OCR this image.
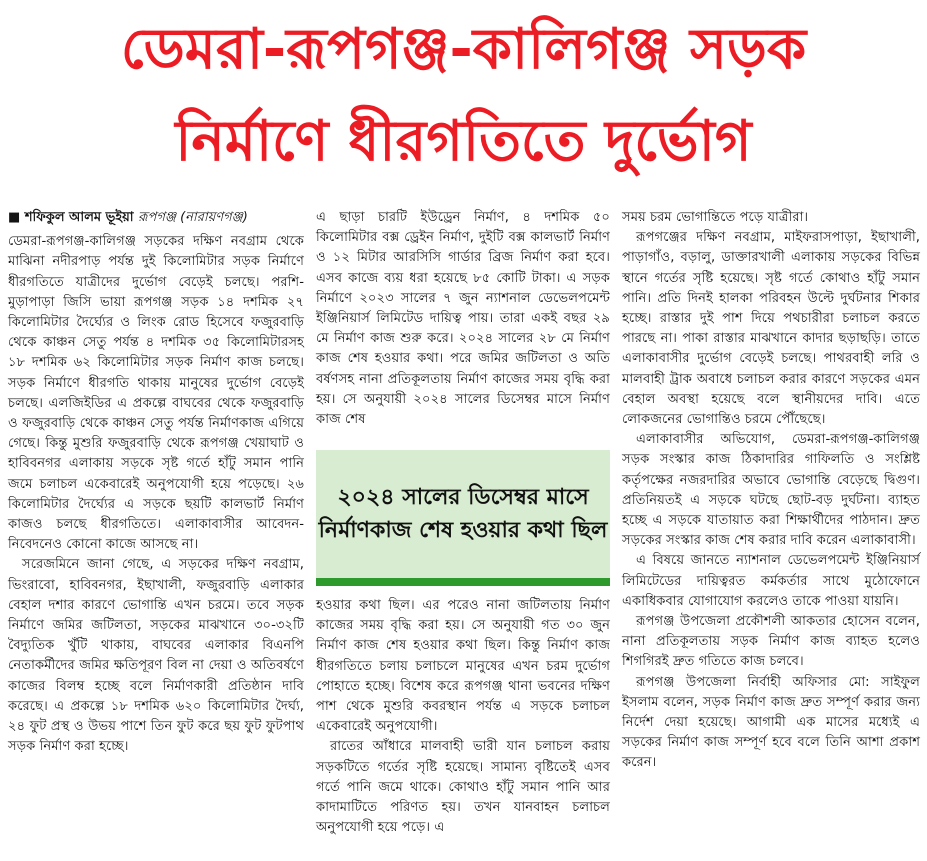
ডেমরা-রূপগঞ্জ-কালিগঞ্জ সড়ক
নির্মাণে ধীরগতিতে দুর্ভোগ
■ শফিকুল আলম ভূইয়া রূপগঞ্জ (নারায়ণগঞ্জ)

ডেমরা-রূপগঞ্জ-কালিগঞ্জ সড়কের দক্ষিণ নবগ্রাম থেকে মাঝিনা নদীরপাড় পর্যন্ত দুই কিলোমিটার সড়ক নির্মাণে ধীরগতিতে যাত্রীদের দুর্ভোগ বেড়েই চলছে। পরশি-মুড়াপাড়া জিসি ভায়া রূপগঞ্জ সড়ক ১৪ দশমিক ২৭ কিলোমিটার দৈর্ঘ্যের ও লিংক রোড হিসেবে ফজুরবাড়ি থেকে কাঞ্চন সেতু পর্যন্ত ৪ দশমিক ৩৫ কিলোমিটারসহ ১৮ দশমিক ৬২ কিলোমিটার সড়ক নির্মাণ কাজ চলছে। সড়ক নির্মাণে ধীরগতি থাকায় মানুষের দুর্ভোগ বেড়েই চলছে। এলজিইডির এ প্রকল্পে বাঘবের থেকে ফজুরবাড়ি ও ফজুরবাড়ি থেকে কাঞ্চন সেতু পর্যন্ত নির্মাণকাজ এগিয়ে গেছে। কিন্তু মুশুরি ফজুরবাড়ি থেকে রূপগঞ্জ খেয়াঘাট ও হাবিবনগর এলাকায় সড়কে সৃষ্ট গর্তে হাঁটু সমান পানি জমে চলাচল একেবারেই অনুপযোগী হয়ে পড়েছে। ২৬ কিলোমিটার দৈর্ঘ্যের এ সড়কে ছয়টি কালভার্ট নির্মাণ কাজও চলছে ধীরগতিতে। এলাকাবাসীর আবেদন-নিবেদনেও কোনো কাজে আসছে না।

সরেজমিনে জানা গেছে, এ সড়কের দক্ষিণ নবগ্রাম, ভিংরাবো, হাবিবনগর, ইছাখালী, ফজুরবাড়ি এলাকার বেহাল দশার কারণে ভোগান্তি এখন চরমে। তবে সড়ক নির্মাণে জমির জটিলতা, সড়কের মাঝখানে ৩০-৩২টি বৈদ্যুতিক খুঁটি থাকায়, বাঘবের এলাকার বিএনপি নেতাকর্মীদের জমির ক্ষতিপূরণ বিল না দেয়া ও অতিবর্ষণে কাজের বিলম্ব হচ্ছে বলে নির্মাণকারী প্রতিষ্ঠান দাবি করেছে। এ প্রকল্পে ১৮ দশমিক ৬২০ কিলোমিটার দৈর্ঘ্য, ২৪ ফুট প্রস্থ ও উভয় পাশে তিন ফুট করে ছয় ফুট ফুটপাথ সড়ক নির্মাণ করা হচ্ছে।

এ ছাড়া চারটি ইউড্রেন নির্মাণ, ৪ দশমিক ৫০ কিলোমিটার বক্স ড্রেইন নির্মাণ, দুইটি বক্স কালভার্ট নির্মাণ ও ১২ মিটার আরসিসি গার্ডার ব্রিজ নির্মাণ করা হবে। এসব কাজে ব্যয় ধরা হয়েছে ৮৫ কোটি টাকা। এ সড়ক নির্মাণে ২০২৩ সালের ৭ জুন ন্যাশনাল ডেভেলপমেন্ট ইঞ্জিনিয়ার্স লিমিটেড দায়িত্ব পায়। তারা একই বছর ২৯ মে নির্মাণ কাজ শুরু করে। ২০২৪ সালের ২৮ মে নির্মাণ কাজ শেষ হওয়ার কথা। পরে জমির জটিলতা ও অতি বর্ষণসহ নানা প্রতিকূলতায় নির্মাণ কাজের সময় বৃদ্ধি করা হয়। সে অনুযায়ী ২০২৪ সালের ডিসেম্বর মাসে নির্মাণ কাজ শেষ

২০২৪ সালের ডিসেম্বর মাসে নির্মাণকাজ শেষ হওয়ার কথা ছিল

হওয়ার কথা ছিল। এর পরেও নানা জটিলতায় নির্মাণ কাজের সময় বৃদ্ধি করা হয়। সে অনুযায়ী গত ৩০ জুন নির্মাণ কাজ শেষ হওয়ার কথা ছিল। কিন্তু নির্মাণ কাজ ধীরগতিতে চলায় চলাচলে মানুষের এখন চরম দুর্ভোগ পোহাতে হচ্ছে। বিশেষ করে রূপগঞ্জ থানা ভবনের দক্ষিণ পাশ থেকে মুশুরি কবরস্থান পর্যন্ত এ সড়কে চলাচল একেবারেই অনুপযোগী।

রাতের আঁধারে মালবাহী ভারী যান চলাচল করায় সড়কটিতে গর্তের সৃষ্টি হয়েছে। সামান্য বৃষ্টিতেই এসব গর্তে পানি জমে থাকে। কোথাও হাঁটু সমান পানি আর কাদামাটিতে পরিণত হয়। তখন যানবাহন চলাচল অনুপযোগী হয়ে পড়ে। এ

সময় চরম ভোগান্তিতে পড়ে যাত্রীরা।

রূপগঞ্জের দক্ষিণ নবগ্রাম, মাইফরাসপাড়া, ইছাখালী, পাড়াগাঁও, বড়ালু, ডাক্তারখালী এলাকায় সড়কের বিভিন্ন স্থানে গর্তের সৃষ্টি হয়েছে। সৃষ্ট গর্তে কোথাও হাঁটু সমান পানি। প্রতি দিনই হালকা পরিবহন উল্টে দুর্ঘটনার শিকার হচ্ছে। রাস্তার দুই পাশ দিয়ে পথচারীরা চলাচল করতে পারছে না। পাকা রাস্তার মাঝখানে কাদার ছড়াছড়ি। তাতে এলাকাবাসীর দুর্ভোগ বেড়েই চলছে। পাথরবাহী লরি ও মালবাহী ট্রাক অবাধে চলাচল করার কারণে সড়কের এমন বেহাল অবস্থা হয়েছে বলে স্থানীয়দের দাবি। এতে লোকজনের ভোগান্তিও চরমে পৌঁছেছে।

এলাকাবাসীর অভিযোগ, ডেমরা-রূপগঞ্জ-কালিগঞ্জ সড়ক সংস্কার কাজ ঠিকাদারির গাফিলতি ও সংশ্লিষ্ট কর্তৃপক্ষের নজরদারির অভাবে ভোগান্তি বেড়েছে দ্বিগুণ। প্রতিনিয়তই এ সড়কে ঘটছে ছোট-বড় দুর্ঘটনা। ব্যাহত হচ্ছে এ সড়কে যাতায়াত করা শিক্ষার্থীদের পাঠদান। দ্রুত সড়কের সংস্কার কাজ শেষ করার দাবি করেন এলাকাবাসী।

এ বিষয়ে জানতে ন্যাশনাল ডেভেলপমেন্ট ইঞ্জিনিয়ার্স লিমিটেডের দায়িত্বরত কর্মকর্তার সাথে মুঠোফোনে একাধিকবার যোগাযোগ করলেও তাকে পাওয়া যায়নি।

রূপগঞ্জ উপজেলা প্রকৌশলী আকতার হোসেন বলেন, নানা প্রতিকূলতায় সড়ক নির্মাণ কাজ ব্যাহত হলেও শিগগিরই দ্রুত গতিতে কাজ চলবে।

রূপগঞ্জ উপজেলা নির্বাহী অফিসার মো: সাইফুল ইসলাম বলেন, সড়ক নির্মাণ কাজ দ্রুত সম্পূর্ণ করার জন্য নির্দেশ দেয়া হয়েছে। আগামী এক মাসের মধ্যেই এ সড়কের নির্মাণ কাজ সম্পূর্ণ হবে বলে তিনি আশা প্রকাশ করেন।
